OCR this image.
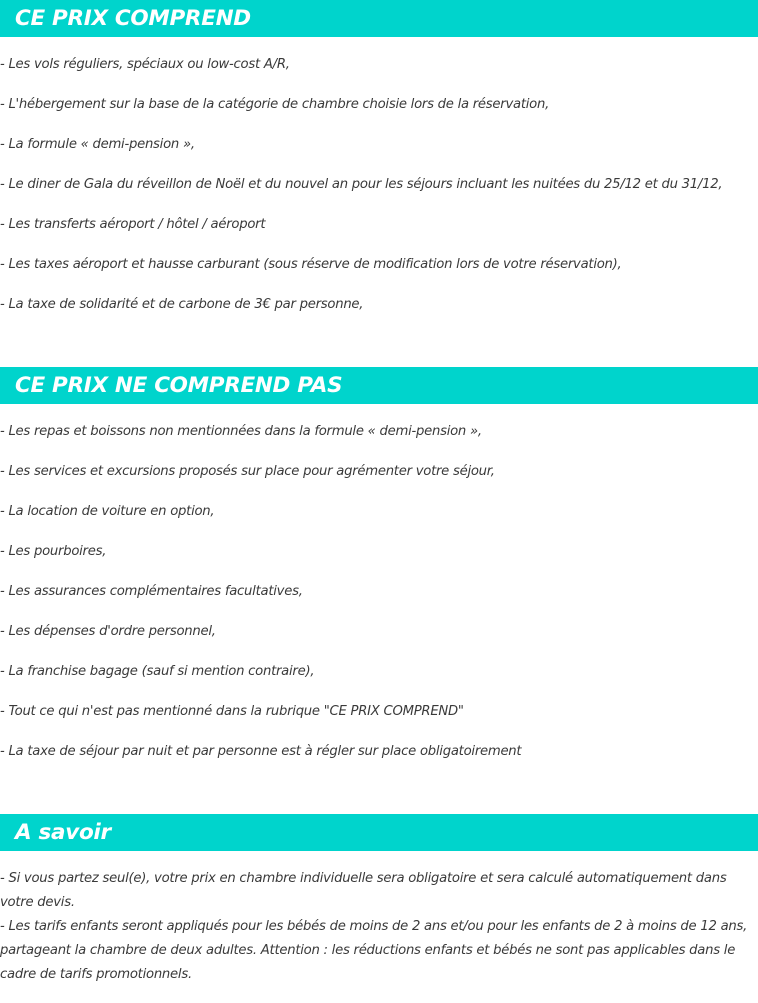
CE PRIX COMPREND
- Les vols réguliers, spéciaux ou low-cost A/R,
- L'hébergement sur la base de la catégorie de chambre choisie lors de la réservation,
- La formule « demi-pension »,
- Le diner de Gala du réveillon de Noël et du nouvel an pour les séjours incluant les nuitées du 25/12 et du 31/12,
- Les transferts aéroport / hôtel / aéroport
- Les taxes aéroport et hausse carburant (sous réserve de modification lors de votre réservation),
- La taxe de solidarité et de carbone de 3€ par personne,
CE PRIX NE COMPREND PAS
- Les repas et boissons non mentionnées dans la formule « demi-pension »,
- Les services et excursions proposés sur place pour agrémenter votre séjour,
- La location de voiture en option,
- Les pourboires,
- Les assurances complémentaires facultatives,
- Les dépenses d'ordre personnel,
- La franchise bagage (sauf si mention contraire),
- Tout ce qui n'est pas mentionné dans la rubrique "CE PRIX COMPREND"
- La taxe de séjour par nuit et par personne est à régler sur place obligatoirement
A savoir

- Si vous partez seul(e), votre prix en chambre individuelle sera obligatoire et sera calculé automatiquement dans votre devis.

- Les tarifs enfants seront appliqués pour les bébés de moins de 2 ans et/ou pour les enfants de 2 à moins de 12 ans, partageant la chambre de deux adultes. Attention : les réductions enfants et bébés ne sont pas applicables dans le cadre de tarifs promotionnels.
